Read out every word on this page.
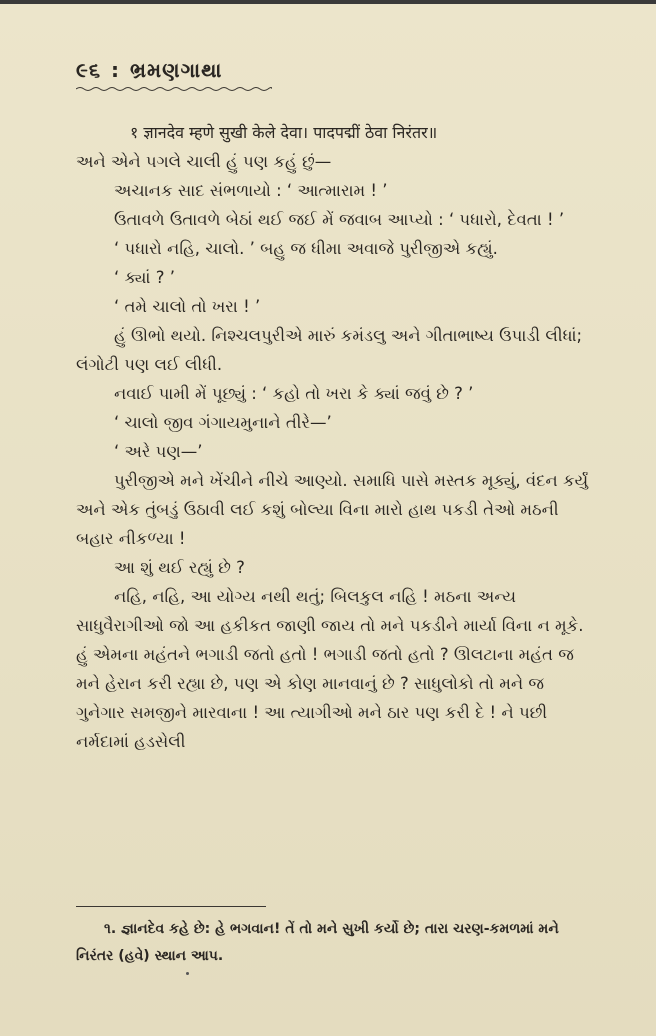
૯૬ : ભ્રમણગાથા

१ ज्ञानदेव म्हणे सुखी केले देवा। पादपद्मीं ठेवा निरंतर॥

અને એને પગલે ચાલી હું પણ કહું છું—

અચાનક સાદ સંભળાયો : ‘ આત્મારામ ! ’

ઉતાવળે ઉતાવળે બેઠાં થઈ જઈ મેં જવાબ આપ્યો : ‘ પધારો, દેવતા ! ’

‘ પધારો નહિ, ચાલો. ’ બહુ જ ધીમા અવાજે પુરીજીએ કહ્યું.

‘ ક્યાં ? ’

‘ તમે ચાલો તો ખરા ! ’

હું ઊભો થયો. નિશ્ચલપુરીએ મારું કમંડલુ અને ગીતાભાષ્ય ઉપાડી લીધાં; લંગોટી પણ લઈ લીધી.

નવાઈ પામી મેં પૂછ્યું : ‘ કહો તો ખરા કે ક્યાં જવું છે ? ’

‘ ચાલો જીવ ગંગાયમુનાને તીરે—’

‘ અરે પણ—’

પુરીજીએ મને ખેંચીને નીચે આણ્યો. સમાધિ પાસે મસ્તક મૂક્યું, વંદન કર્યું અને એક તુંબડું ઉઠાવી લઈ કશું બોલ્યા વિના મારો હાથ પકડી તેઓ મઠની બહાર નીકળ્યા !

આ શું થઈ રહ્યું છે ?

નહિ, નહિ, આ યોગ્ય નથી થતું; બિલકુલ નહિ ! મઠના અન્ય સાધુવૈરાગીઓ જો આ હકીકત જાણી જાય તો મને પકડીને માર્યા વિના ન મૂકે. હું એમના મહંતને ભગાડી જતો હતો ! ભગાડી જતો હતો ? ઊલટાના મહંત જ મને હેરાન કરી રહ્યા છે, પણ એ કોણ માનવાનું છે ? સાધુલોકો તો મને જ ગુનેગાર સમજીને મારવાના ! આ ત્યાગીઓ મને ઠાર પણ કરી દે ! ને પછી નર્મદામાં હડસેલી

૧. જ્ઞાનદેવ કહે છે: હે ભગવાન! તેં તો મને સુખી કર્યો છે; તારા ચરણ-કમળમાં મને નિરંતર (હવે) સ્થાન આપ.
